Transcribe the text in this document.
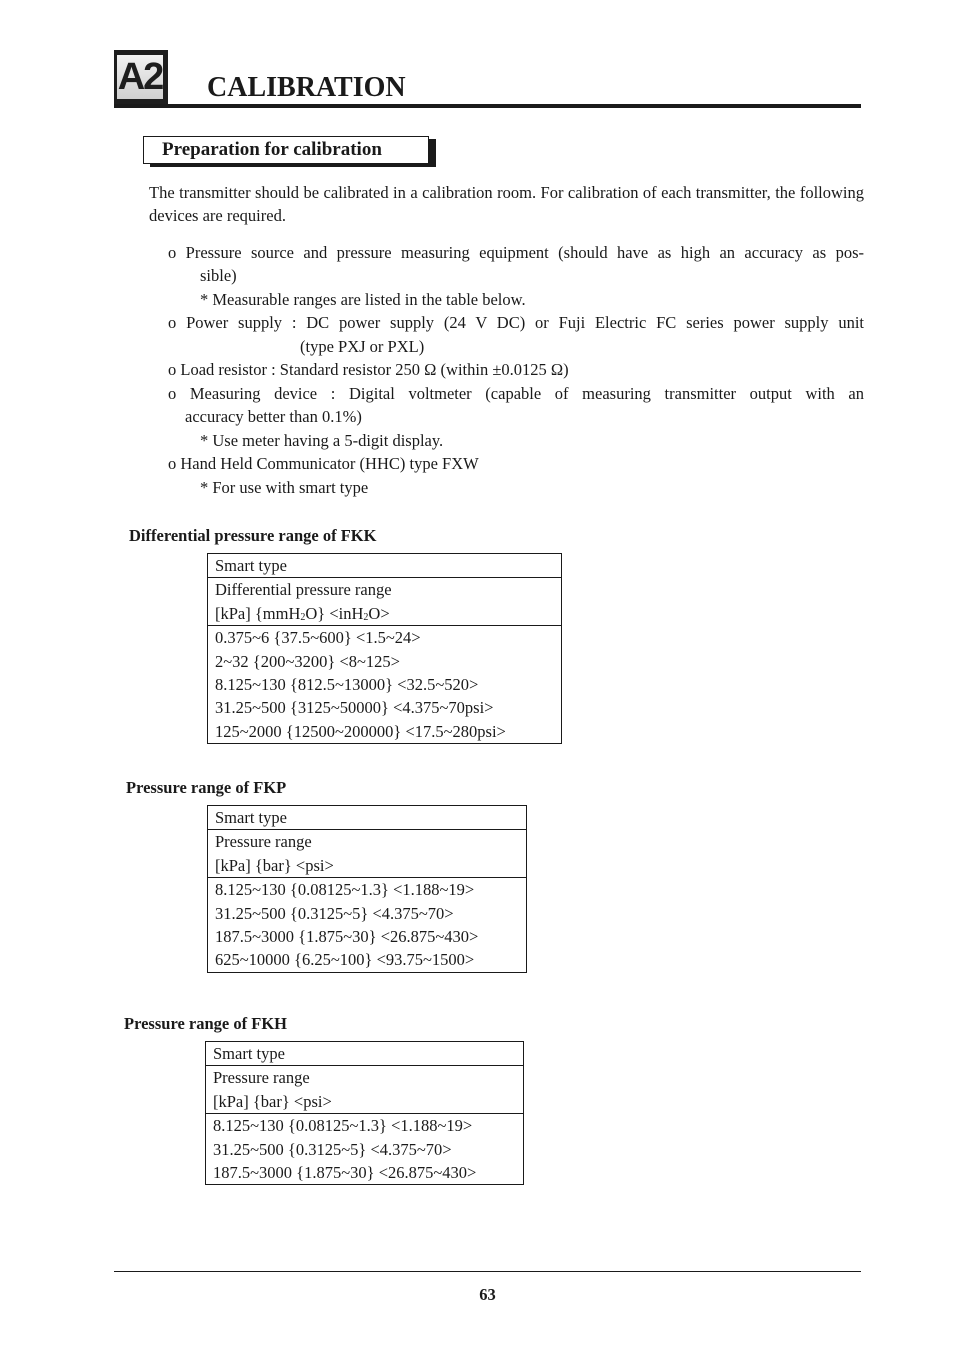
A2 CALIBRATION
Preparation for calibration
The transmitter should be calibrated in a calibration room. For calibration of each transmitter, the following devices are required.
o Pressure source and pressure measuring equipment (should have as high an accuracy as pos-
sible)
* Measurable ranges are listed in the table below.
o Power supply : DC power supply (24 V DC) or Fuji Electric FC series power supply unit
(type PXJ or PXL)
o Load resistor : Standard resistor 250 Ω (within ±0.0125 Ω)
o Measuring device : Digital voltmeter (capable of measuring transmitter output with an
accuracy better than 0.1%)
* Use meter having a 5-digit display.
o Hand Held Communicator (HHC) type FXW
* For use with smart type
Differential pressure range of FKK
Smart type
Differential pressure range
[kPa] {mmH$_2$O} <inH$_2$O>
0.375~6 {37.5~600} <1.5~24>
2~32 {200~3200} <8~125>
8.125~130 {812.5~13000} <32.5~520>
31.25~500 {3125~50000} <4.375~70psi>
125~2000 {12500~200000} <17.5~280psi>
Pressure range of FKP
Smart type
Pressure range
[kPa] {bar} <psi>
8.125~130 {0.08125~1.3} <1.188~19>
31.25~500 {0.3125~5} <4.375~70>
187.5~3000 {1.875~30} <26.875~430>
625~10000 {6.25~100} <93.75~1500>
Pressure range of FKH
Smart type
Pressure range
[kPa] {bar} <psi>
8.125~130 {0.08125~1.3} <1.188~19>
31.25~500 {0.3125~5} <4.375~70>
187.5~3000 {1.875~30} <26.875~430>
63
